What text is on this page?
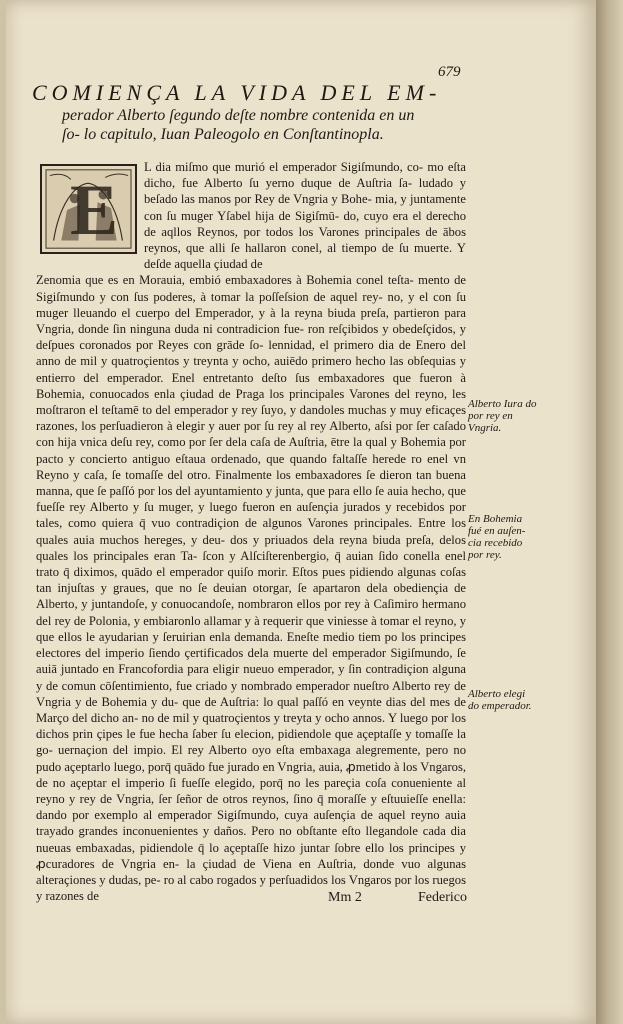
679
COMIENÇA LA VIDA DEL EM-
perador Alberto ſegundo deſte nombre contenida en un ſo- lo capitulo, Iuan Paleogolo en Conſtantinopla.
E

L dia miſmo que murió el emperador Sigiſmundo, co- mo eſta dicho, fue Alberto ſu yerno duque de Auſtria ſa- ludado y beſado las manos por Rey de Vngria y Bohe- mia, y juntamente con ſu muger Yſabel hija de Sigiſmū- do, cuyo era el derecho de aqllos Reynos, por todos los Varones principales de ābos reynos, que alli ſe hallaron conel, al tiempo de ſu muerte. Y deſde aquella çiudad de

Zenomia que es en Morauia, embió embaxadores à Bohemia conel teſta- mento de Sigiſmundo y con ſus poderes, à tomar la poſſeſsion de aquel rey- no, y el con ſu muger lleuando el cuerpo del Emperador, y à la reyna biuda preſa, partieron para Vngria, donde ſin ninguna duda ni contradicion fue- ron reſçibidos y obedeſçidos, y deſpues coronados por Reyes con grāde ſo- lennidad, el primero dia de Enero del anno de mil y quatroçientos y treynta y ocho, auiēdo primero hecho las obſequias y entierro del emperador. Enel entretanto deſto ſus embaxadores que fueron à Bohemia, conuocados enla çiudad de Praga los principales Varones del reyno, les moſtraron el teſtamē to del emperador y rey ſuyo, y dandoles muchas y muy eficaçes razones, los perſuadieron à elegir y auer por ſu rey al rey Alberto, aſsi por ſer caſado con hija vnica deſu rey, como por ſer dela caſa de Auſtria, ētre la qual y Bohemia por pacto y concierto antiguo eſtaua ordenado, que quando faltaſſe herede ro enel vn Reyno y caſa, ſe tomaſſe del otro. Finalmente los embaxadores ſe dieron tan buena manna, que ſe paſſó por los del ayuntamiento y junta, que para ello ſe auia hecho, que fueſſe rey Alberto y ſu muger, y luego fueron en auſençia jurados y recebidos por tales, como quiera q̄ vuo contradiçion de algunos Varones principales. Entre los quales auia muchos hereges, y deu- dos y priuados dela reyna biuda preſa, delos quales los principales eran Ta- ſcon y Alſciſterenbergio, q̄ auian ſido conella enel trato q̄ diximos, quādo el emperador quiſo morir. Eſtos pues pidiendo algunas coſas tan injuſtas y graues, que no ſe deuian otorgar, ſe apartaron dela obediençia de Alberto, y juntandoſe, y conuocandoſe, nombraron ellos por rey à Caſimiro hermano del rey de Polonia, y embiaronlo allamar y à requerir que viniesse à tomar el reyno, y que ellos le ayudarian y ſeruirian enla demanda. Eneſte medio tiem po los principes electores del imperio ſiendo çertificados dela muerte del emperador Sigiſmundo, ſe auiā juntado en Francofordia para eligir nueuo emperador, y ſin contradiçion alguna y de comun cōſentimiento, fue criado y nombrado emperador nueſtro Alberto rey de Vngria y de Bohemia y du- que de Auſtria: lo qual paſſó en veynte dias del mes de Março del dicho an- no de mil y quatroçientos y treyta y ocho annos. Y luego por los dichos prin çipes le fue hecha ſaber ſu elecion, pidiendole que açeptaſſe y tomaſſe la go- uernaçion del impio. El rey Alberto oyo eſta embaxaga alegremente, pero no pudo açeptarlo luego, porq̄ quādo fue jurado en Vngria, auia, ꝓmetido à los Vngaros, de no açeptar el imperio ſi fueſſe elegido, porq̄ no les pareçia coſa conueniente al reyno y rey de Vngria, ſer ſeñor de otros reynos, ſino q̄ moraſſe y eſtuuieſſe enella: dando por exemplo al emperador Sigiſmundo, cuya auſençia de aquel reyno auia trayado grandes inconuenientes y daños. Pero no obſtante eſto llegandole cada dia nueuas embaxadas, pidiendole q̄ lo açeptaſſe hizo juntar ſobre ello los principes y ꝓcuradores de Vngria en- la çiudad de Viena en Auſtria, donde vuo algunas alteraçiones y dudas, pe- ro al cabo rogados y perſuadidos los Vngaros por los ruegos y razones de

Alberto Iura do por rey en Vngria.
En Bohemia fué en auſen- cia recebido por rey.
Alberto elegi do emperador.
Mm 2	Federico
